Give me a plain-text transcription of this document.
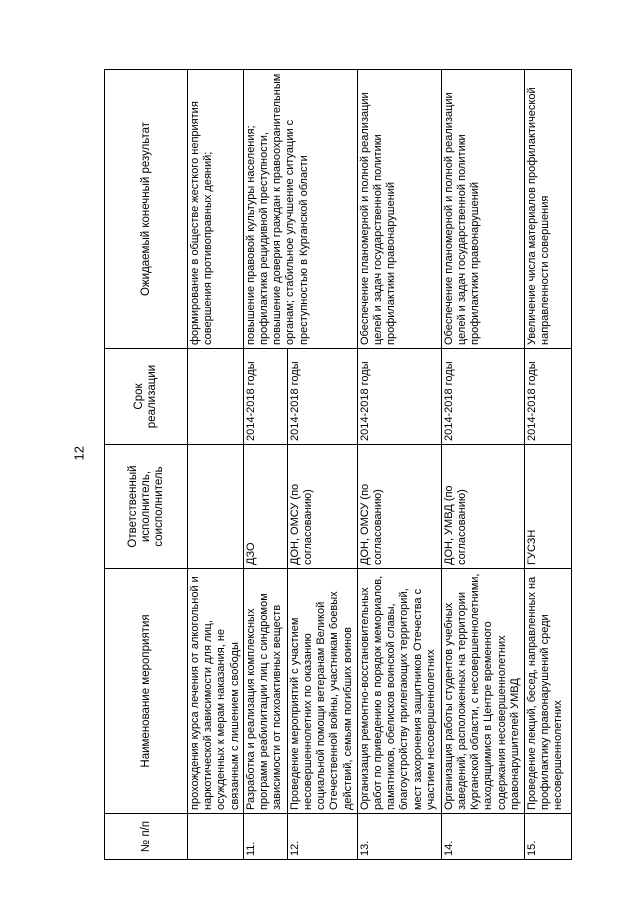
12
№ п/п	Наименование мероприятия	Ответственный исполнитель, соисполнитель	Срок реализации	Ожидаемый конечный результат
	прохождения курса лечения от алкогольной и наркотической зависимости для лиц, осужденных к мерам наказания, не связанным с лишением свободы			формирование в обществе жесткого неприятия совершения противоправных деяний;
11.	Разработка и реализация комплексных программ реабилитации лиц с синдромом зависимости от психоактивных веществ	ДЗО	2014-2018 годы	повышение правовой культуры населения; профилактика рецидивной преступности, повышение доверия граждан к правоохранительным органам; стабильное улучшение ситуации с преступностью в Курганской области
12.	Проведение мероприятий с участием несовершеннолетних по оказанию социальной помощи ветеранам Великой Отечественной войны, участникам боевых действий, семьям погибших воинов	ДОН, ОМСУ (по согласованию)	2014-2018 годы	
13.	Организация ремонтно-восстановительных работ по приведению в порядок мемориалов, памятников, обелисков воинской славы, благоустройству прилегающих территорий, мест захоронения защитников Отечества с участием несовершеннолетних	ДОН, ОМСУ (по согласованию)	2014-2018 годы	Обеспечение планомерной и полной реализации целей и задач государственной политики профилактики правонарушений
14.	Организация работы студентов учебных заведений, расположенных на территории Курганской области, с несовершеннолетними, находящимися в Центре временного содержания несовершеннолетних правонарушителей УМВД	ДОН, УМВД (по согласованию)	2014-2018 годы	Обеспечение планомерной и полной реализации целей и задач государственной политики профилактики правонарушений
15.	Проведение лекций, бесед, направленных на профилактику правонарушений среди несовершеннолетних	ГУСЗН	2014-2018 годы	Увеличение числа материалов профилактической направленности совершения
